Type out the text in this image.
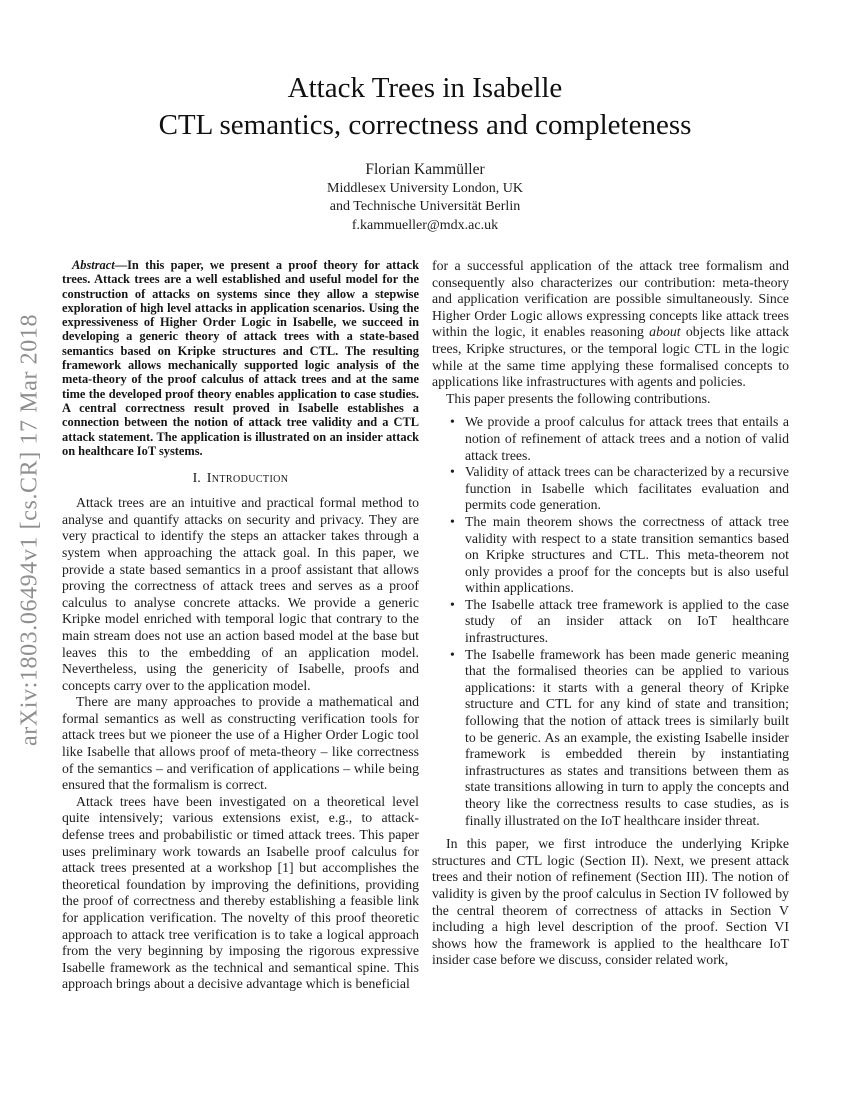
arXiv:1803.06494v1 [cs.CR] 17 Mar 2018
Attack Trees in Isabelle
CTL semantics, correctness and completeness
Florian Kammüller
Middlesex University London, UK
and Technische Universität Berlin
f.kammueller@mdx.ac.uk

Abstract—In this paper, we present a proof theory for attack trees. Attack trees are a well established and useful model for the construction of attacks on systems since they allow a stepwise exploration of high level attacks in application scenarios. Using the expressiveness of Higher Order Logic in Isabelle, we succeed in developing a generic theory of attack trees with a state-based semantics based on Kripke structures and CTL. The resulting framework allows mechanically supported logic analysis of the meta-theory of the proof calculus of attack trees and at the same time the developed proof theory enables application to case studies. A central correctness result proved in Isabelle establishes a connection between the notion of attack tree validity and a CTL attack statement. The application is illustrated on an insider attack on healthcare IoT systems.

I. Introduction

Attack trees are an intuitive and practical formal method to analyse and quantify attacks on security and privacy. They are very practical to identify the steps an attacker takes through a system when approaching the attack goal. In this paper, we provide a state based semantics in a proof assistant that allows proving the correctness of attack trees and serves as a proof calculus to analyse concrete attacks. We provide a generic Kripke model enriched with temporal logic that contrary to the main stream does not use an action based model at the base but leaves this to the embedding of an application model. Nevertheless, using the genericity of Isabelle, proofs and concepts carry over to the application model.

There are many approaches to provide a mathematical and formal semantics as well as constructing verification tools for attack trees but we pioneer the use of a Higher Order Logic tool like Isabelle that allows proof of meta-theory – like correctness of the semantics – and verification of applications – while being ensured that the formalism is correct.

Attack trees have been investigated on a theoretical level quite intensively; various extensions exist, e.g., to attack-defense trees and probabilistic or timed attack trees. This paper uses preliminary work towards an Isabelle proof calculus for attack trees presented at a workshop [1] but accomplishes the theoretical foundation by improving the definitions, providing the proof of correctness and thereby establishing a feasible link for application verification. The novelty of this proof theoretic approach to attack tree verification is to take a logical approach from the very beginning by imposing the rigorous expressive Isabelle framework as the technical and semantical spine. This approach brings about a decisive advantage which is beneficial

for a successful application of the attack tree formalism and consequently also characterizes our contribution: meta-theory and application verification are possible simultaneously. Since Higher Order Logic allows expressing concepts like attack trees within the logic, it enables reasoning about objects like attack trees, Kripke structures, or the temporal logic CTL in the logic while at the same time applying these formalised concepts to applications like infrastructures with agents and policies.

This paper presents the following contributions.

• We provide a proof calculus for attack trees that entails a notion of refinement of attack trees and a notion of valid attack trees.
• Validity of attack trees can be characterized by a recursive function in Isabelle which facilitates evaluation and permits code generation.
• The main theorem shows the correctness of attack tree validity with respect to a state transition semantics based on Kripke structures and CTL. This meta-theorem not only provides a proof for the concepts but is also useful within applications.
• The Isabelle attack tree framework is applied to the case study of an insider attack on IoT healthcare infrastructures.
• The Isabelle framework has been made generic meaning that the formalised theories can be applied to various applications: it starts with a general theory of Kripke structure and CTL for any kind of state and transition; following that the notion of attack trees is similarly built to be generic. As an example, the existing Isabelle insider framework is embedded therein by instantiating infrastructures as states and transitions between them as state transitions allowing in turn to apply the concepts and theory like the correctness results to case studies, as is finally illustrated on the IoT healthcare insider threat.

In this paper, we first introduce the underlying Kripke structures and CTL logic (Section II). Next, we present attack trees and their notion of refinement (Section III). The notion of validity is given by the proof calculus in Section IV followed by the central theorem of correctness of attacks in Section V including a high level description of the proof. Section VI shows how the framework is applied to the healthcare IoT insider case before we discuss, consider related work,
